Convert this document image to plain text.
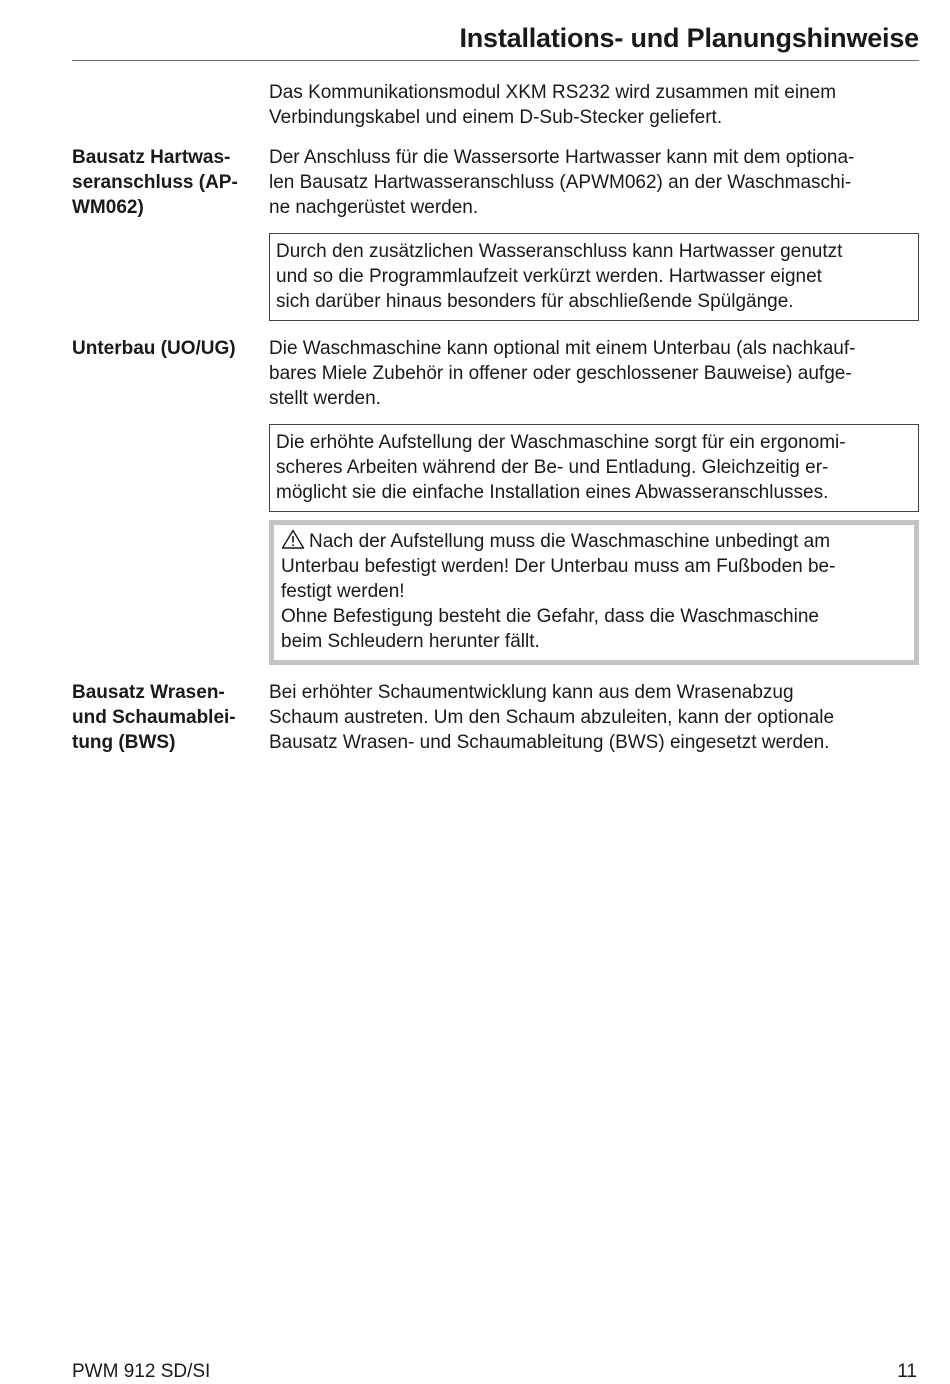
Installations- und Planungshinweise

Das Kommunikationsmodul XKM RS232 wird zusammen mit einem Verbindungskabel und einem D-Sub-Stecker geliefert.

Bausatz Hartwas-
seranschluss (AP-
WM062)
Der Anschluss für die Wassersorte Hartwasser kann mit dem optiona-
len Bausatz Hartwasseranschluss (APWM062) an der Waschmaschi-
ne nachgerüstet werden.
Durch den zusätzlichen Wasseranschluss kann Hartwasser genutzt
und so die Programmlaufzeit verkürzt werden. Hartwasser eignet
sich darüber hinaus besonders für abschließende Spülgänge.
Unterbau (UO/UG)	Die Waschmaschine kann optional mit einem Unterbau (als nachkauf-
bares Miele Zubehör in offener oder geschlossener Bauweise) aufge-
stellt werden.
Die erhöhte Aufstellung der Waschmaschine sorgt für ein ergonomi-
scheres Arbeiten während der Be- und Entladung. Gleichzeitig er-
möglicht sie die einfache Installation eines Abwasseranschlusses.
Nach der Aufstellung muss die Waschmaschine unbedingt am
Unterbau befestigt werden! Der Unterbau muss am Fußboden be-
festigt werden!
Ohne Befestigung besteht die Gefahr, dass die Waschmaschine
beim Schleudern herunter fällt.
Bausatz Wrasen-
und Schaumablei-
tung (BWS)
Bei erhöhter Schaumentwicklung kann aus dem Wrasenabzug
Schaum austreten. Um den Schaum abzuleiten, kann der optionale
Bausatz Wrasen- und Schaumableitung (BWS) eingesetzt werden.
PWM 912 SD/SI	11
